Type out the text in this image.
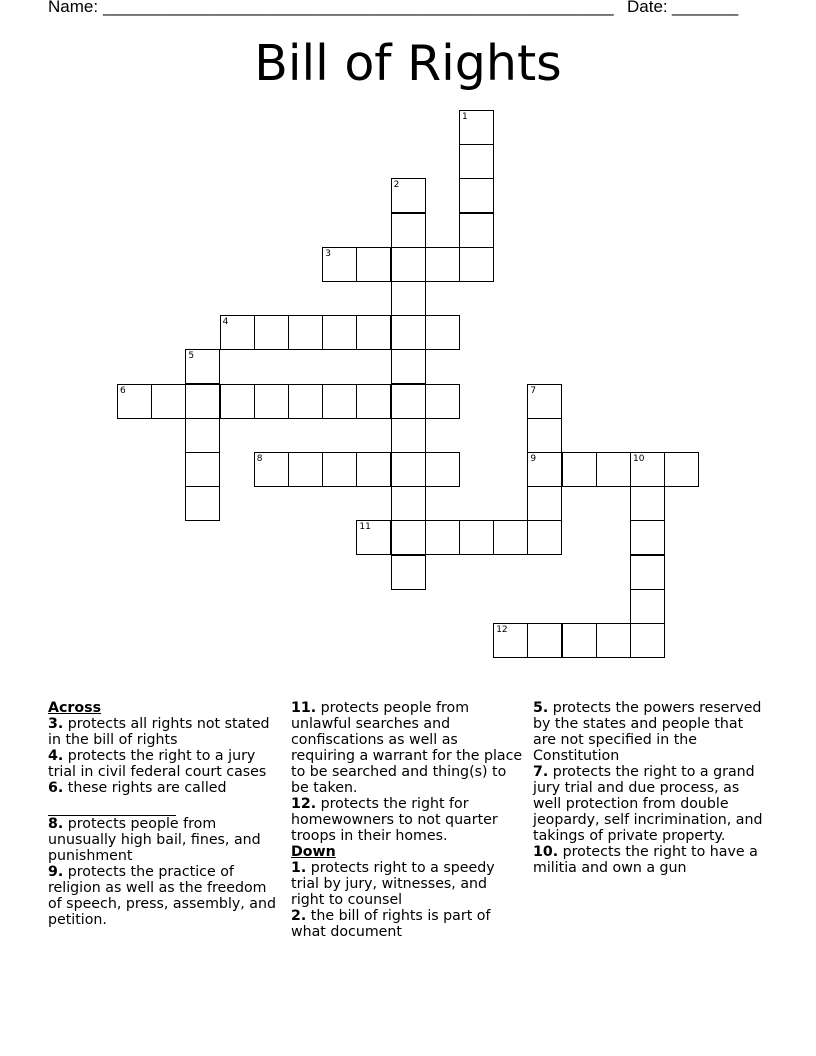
Name: ______________________________________________________ Date: _______
Bill of Rights
1
2
3
4
5
6	7
9
8	10
11
12

Across

3. protects all rights not stated in the bill of rights

4. protects the right to a jury trial in civil federal court cases

6. these rights are called

8. protects people from unusually high bail, fines, and punishment

9. protects the practice of religion as well as the freedom of speech, press, assembly, and petition.

11. protects people from unlawful searches and confiscations as well as requiring a warrant for the place to be searched and thing(s) to be taken.

12. protects the right for homewowners to not quarter troops in their homes.

Down

1. protects right to a speedy trial by jury, witnesses, and right to counsel

2. the bill of rights is part of what document

5. protects the powers reserved by the states and people that are not specified in the Constitution

7. protects the right to a grand jury trial and due process, as well protection from double jeopardy, self incrimination, and takings of private property.

10. protects the right to have a militia and own a gun
